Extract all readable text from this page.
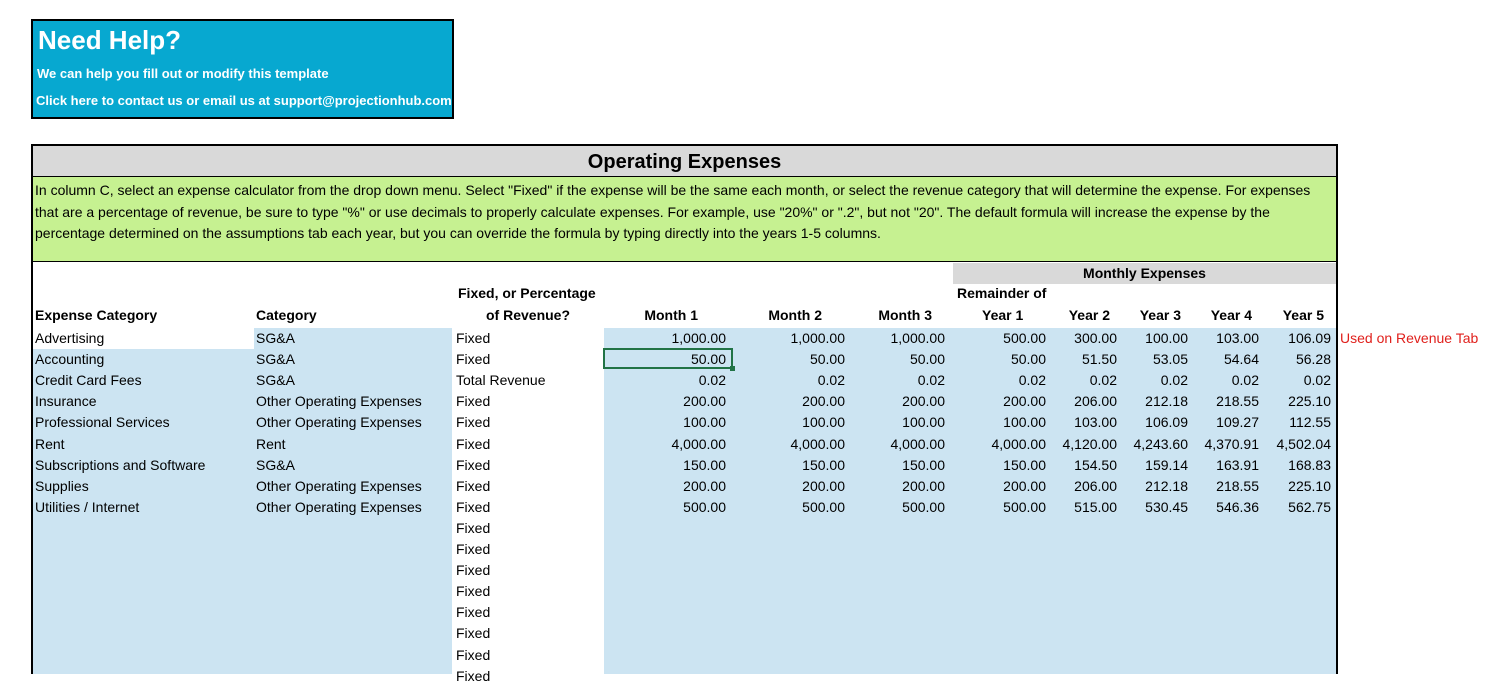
Need Help?
We can help you fill out or modify this template
Click here to contact us or email us at support@projectionhub.com
Operating Expenses

In column C, select an expense calculator from the drop down menu. Select "Fixed" if the expense will be the same each month, or select the revenue category that will determine the expense. For expenses that are a percentage of revenue, be sure to type "%" or use decimals to properly calculate expenses. For example, use "20%" or ".2", but not "20". The default formula will increase the expense by the percentage determined on the assumptions tab each year, but you can override the formula by typing directly into the years 1-5 columns.

Monthly Expenses
Expense Category	Category
Fixed, or Percentage
of Revenue?	Month 1	Month 2	Month 3
Remainder of
Year 1	Year 2	Year 3	Year 4	Year 5
Advertising	SG&A	Fixed	1,000.00	1,000.00	1,000.00	500.00	300.00	100.00	103.00	106.09
Accounting	SG&A	Fixed	50.00	50.00	50.00	50.00	51.50	53.05	54.64	56.28
Credit Card Fees	SG&A	Total Revenue	0.02	0.02	0.02	0.02	0.02	0.02	0.02	0.02
Insurance	Other Operating Expenses	Fixed	200.00	200.00	200.00	200.00	206.00	212.18	218.55	225.10
Professional Services	Other Operating Expenses	Fixed	100.00	100.00	100.00	100.00	103.00	106.09	109.27	112.55
Rent	Rent	Fixed	4,000.00	4,000.00	4,000.00	4,000.00	4,120.00	4,243.60	4,370.91	4,502.04
Subscriptions and Software	SG&A	Fixed	150.00	150.00	150.00	150.00	154.50	159.14	163.91	168.83
Supplies	Other Operating Expenses	Fixed	200.00	200.00	200.00	200.00	206.00	212.18	218.55	225.10
Utilities / Internet	Other Operating Expenses	Fixed	500.00	500.00	500.00	500.00	515.00	530.45	546.36	562.75
Fixed
Fixed
Fixed
Fixed
Fixed
Fixed
Fixed
Fixed
Used on Revenue Tab
